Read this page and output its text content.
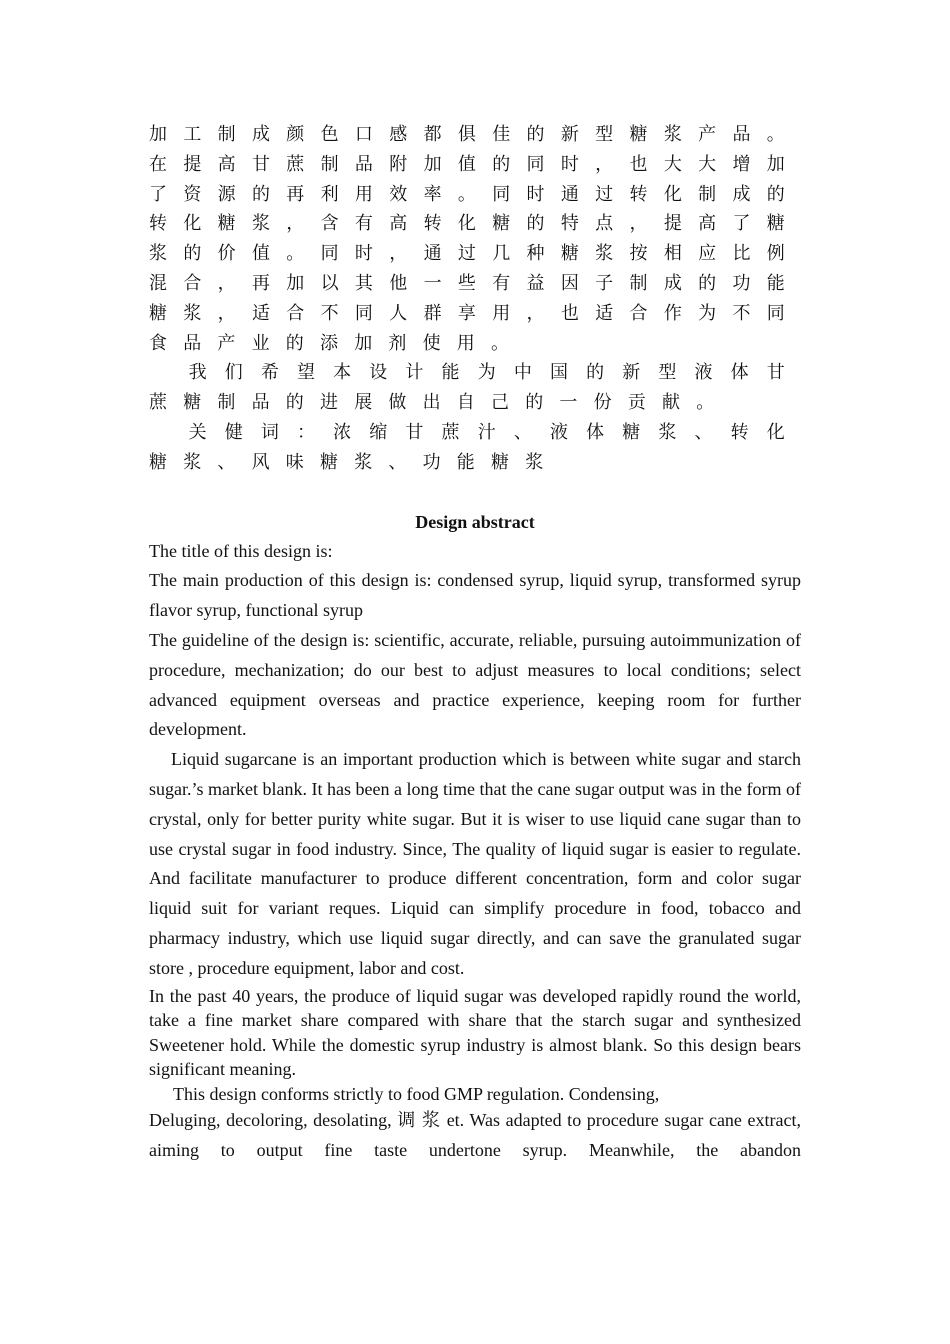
加工制成颜色口感都俱佳的新型糖浆产品。在提高甘蔗制品附加值的同时，也大大增加了资源的再利用效率。同时通过转化制成的转化糖浆，含有高转化糖的特点，提高了糖浆的价值。同时，通过几种糖浆按相应比例混合，再加以其他一些有益因子制成的功能糖浆，适合不同人群享用，也适合作为不同食品产业的添加剂使用。

我们希望本设计能为中国的新型液体甘蔗糖制品的进展做出自己的一份贡献。

关健词：浓缩甘蔗汁、液体糖浆、转化糖浆、风味糖浆、功能糖浆

Design abstract

The title of this design is:

The main production of this design is: condensed syrup, liquid syrup, transformed syrup flavor syrup, functional syrup

The guideline of the design is: scientific, accurate, reliable, pursuing autoimmunization of procedure, mechanization; do our best to adjust measures to local conditions; select advanced equipment overseas and practice experience, keeping room for further development.

Liquid sugarcane is an important production which is between white sugar and starch sugar.’s market blank. It has been a long time that the cane sugar output was in the form of crystal, only for better purity white sugar. But it is wiser to use liquid cane sugar than to use crystal sugar in food industry. Since, The quality of liquid sugar is easier to regulate. And facilitate manufacturer to produce different concentration, form and color sugar liquid suit for variant reques. Liquid can simplify procedure in food, tobacco and pharmacy industry, which use liquid sugar directly, and can save the granulated sugar store , procedure equipment, labor and cost.

In the past 40 years, the produce of liquid sugar was developed rapidly round the world, take a fine market share compared with share that the starch sugar and synthesized Sweetener hold. While the domestic syrup industry is almost blank. So this design bears significant meaning.

This design conforms strictly to food GMP regulation. Condensing,

Deluging, decoloring, desolating, 调 浆 et. Was adapted to procedure sugar cane extract, aiming to output fine taste undertone syrup. Meanwhile, the abandon
